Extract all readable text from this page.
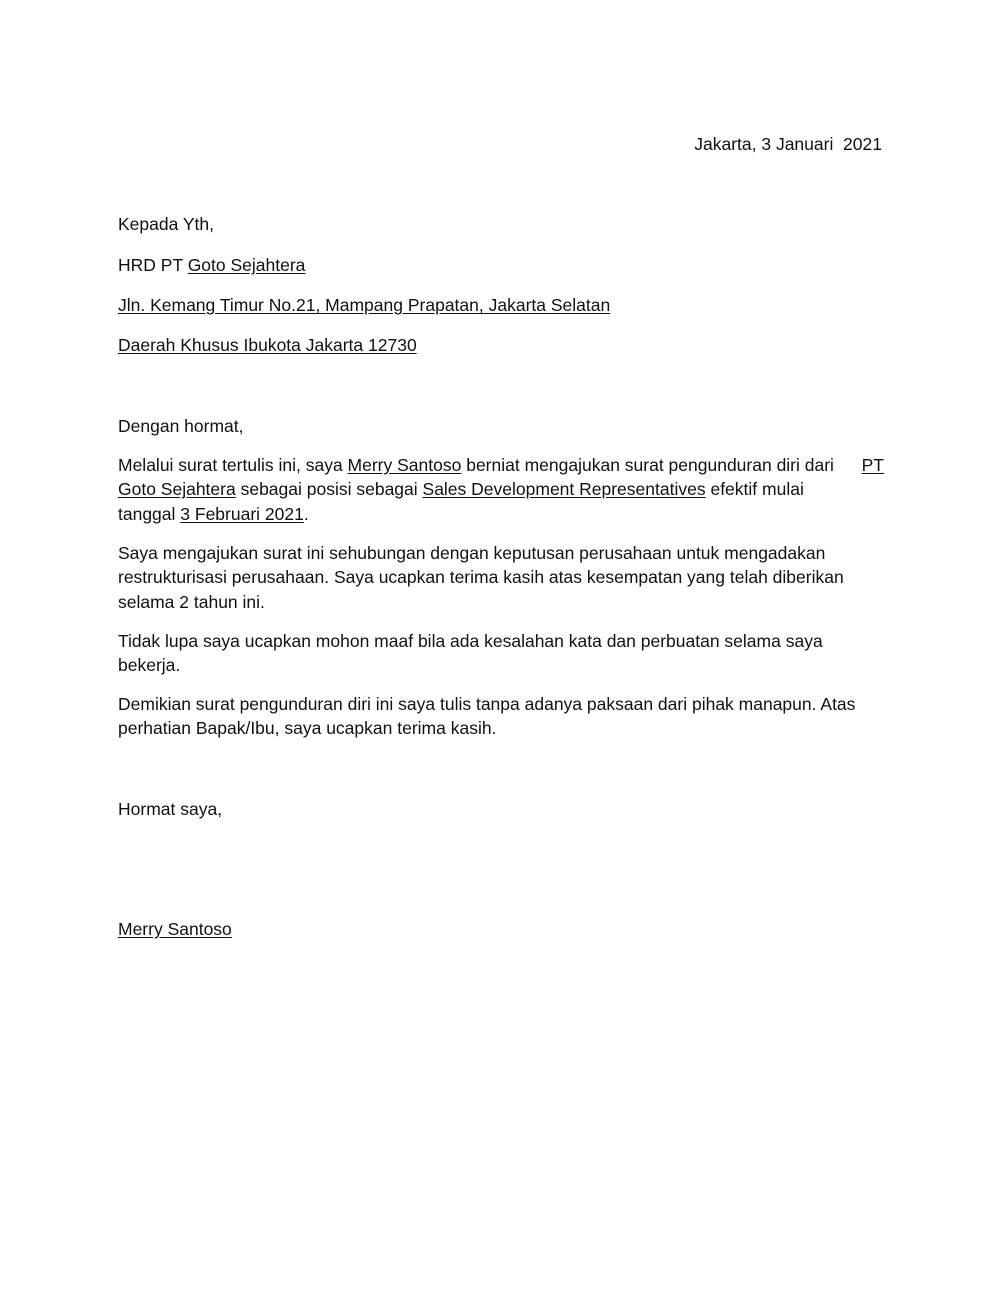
Jakarta, 3 Januari  2021
Kepada Yth,
HRD PT Goto Sejahtera
Jln. Kemang Timur No.21, Mampang Prapatan, Jakarta Selatan
Daerah Khusus Ibukota Jakarta 12730
Dengan hormat,
Melalui surat tertulis ini, saya Merry Santoso berniat mengajukan surat pengunduran diri dari PT
Goto Sejahtera sebagai posisi sebagai Sales Development Representatives efektif mulai
tanggal 3 Februari 2021.
Saya mengajukan surat ini sehubungan dengan keputusan perusahaan untuk mengadakan restrukturisasi perusahaan. Saya ucapkan terima kasih atas kesempatan yang telah diberikan selama 2 tahun ini.
Tidak lupa saya ucapkan mohon maaf bila ada kesalahan kata dan perbuatan selama saya bekerja.
Demikian surat pengunduran diri ini saya tulis tanpa adanya paksaan dari pihak manapun. Atas perhatian Bapak/Ibu, saya ucapkan terima kasih.
Hormat saya,
Merry Santoso
